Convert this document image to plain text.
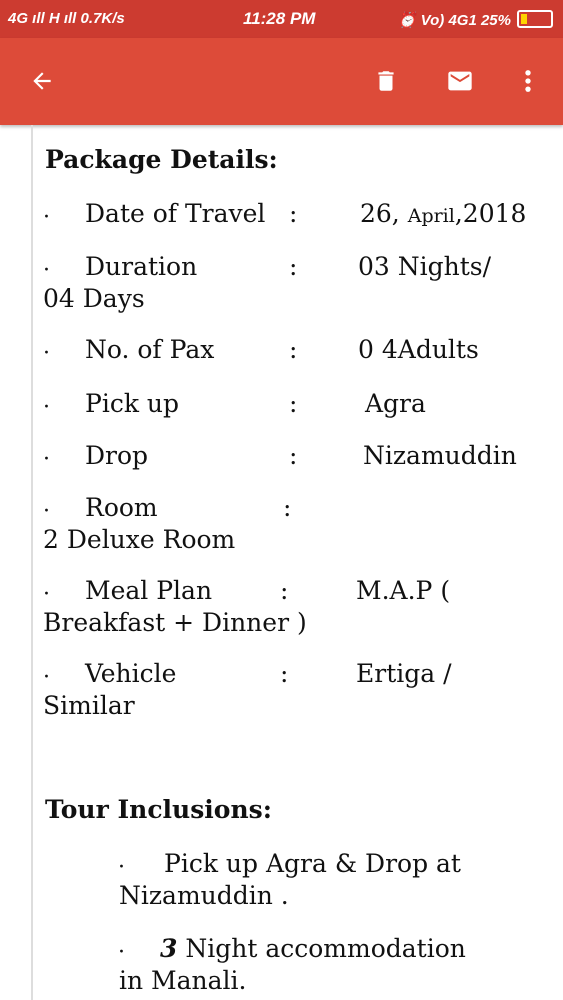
4G ıll H ıll 0.7K/s	11:28 PM	⏰ Vo) 4G1 25%
Package Details:
· Date of Travel :	26, April,2018
· Duration	: 03 Nights/
04 Days
· No. of Pax	: 0 4Adults
· Pick up	:	Agra
· Drop	:	Nizamuddin
· Room	:
2 Deluxe Room
· Meal Plan	:	M.A.P (
Breakfast + Dinner )
· Vehicle	:	Ertiga /
Similar
Tour Inclusions:
· Pick up Agra & Drop at
Nizamuddin .
· 3 Night accommodation
in Manali.
